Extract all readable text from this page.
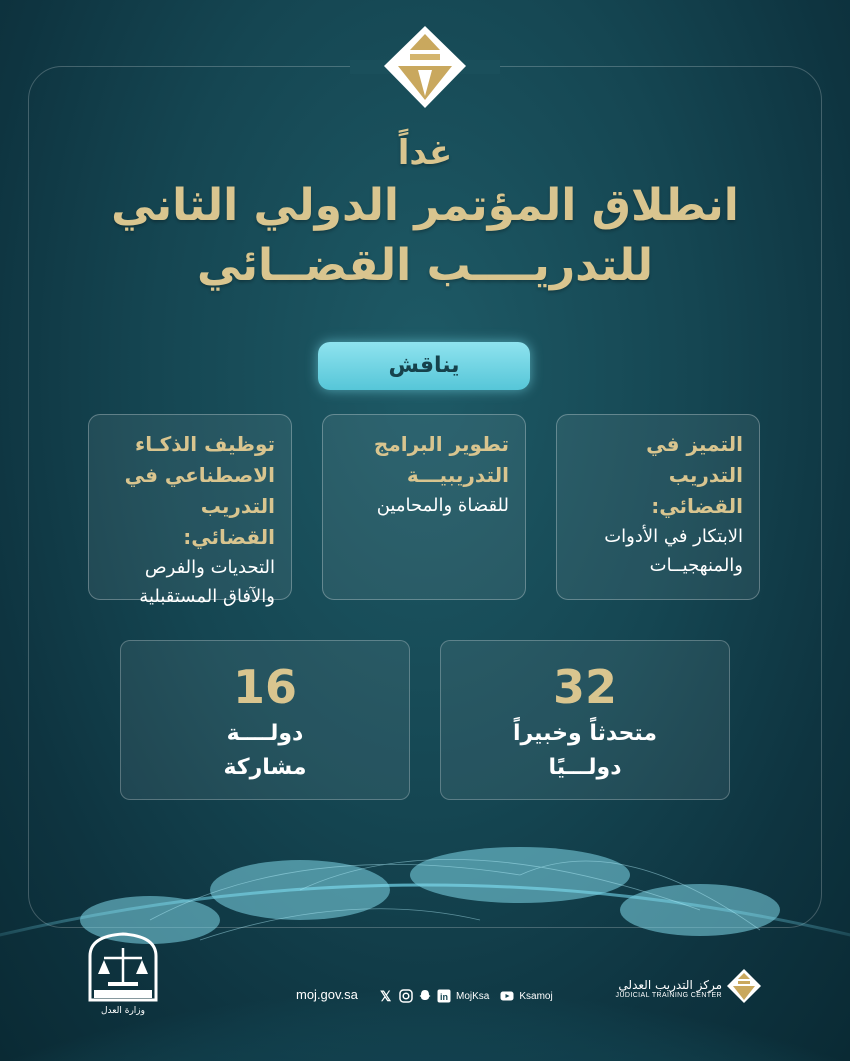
غداً
انطلاق المؤتمر الدولي الثاني
للتدريــــب القضــائي
يناقش
التميز في التدريب القضائي:
الابتكار في الأدوات والمنهجيــات
تطوير البرامج التدريبيـــة
للقضاة والمحامين
توظيف الذكـاء الاصطناعي في التدريب القضائي:
التحديات والفرص والآفاق المستقبلية
32
متحدثاً وخبيراً
دولـــيًا
16
دولــــة
مشاركة
وزارة العدل
moj.gov.sa 𝕏	in MojKsa	Ksamoj
مركز التدريب العدلي
JUDICIAL TRAINING CENTER
